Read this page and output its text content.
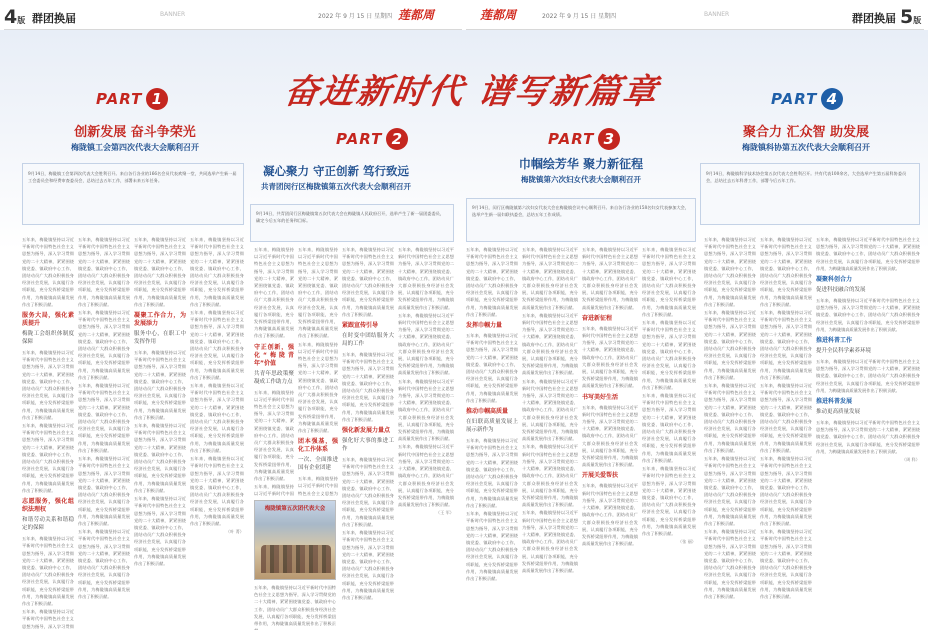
4版 群团换届	BANNER	2022 年 9 月 15 日 星期四 莲都周	莲都周	2022 年 9 月 15 日 星期四	BANNER	群团换届 5版
奋进新时代 谱写新篇章
PART 1
PART 2	PART 3
PART 4
创新发展 奋斗争荣光
梅陇镇工会第四次代表大会顺利召开
凝心聚力 守正创新 笃行致远
共青团闵行区梅陇镇第五次代表大会顺利召开
巾帼绘芳华 聚力新征程
梅陇镇第六次妇女代表大会顺利召开
聚合力 汇众智 助发展
梅陇镇科协第五次代表大会顺利召开
9月14日，梅陇镇工会第四次代表大会胜利召开。来自各行各业的166名会员代表欢聚一堂，共同选举产生新一届工会委员会和经费审查委员会，总结过去五年工作，部署未来五年任务。
9月14日，共青团闵行区梅陇镇第五次代表大会在梅陇镇人民政府召开，选举产生了新一届团委委员，确定今后五年的任务和目标。
9月14日，闵行区梅陇镇第六次妇女代表大会在梅陇镇会议中心顺利召开。来自各行各业的158名妇女代表参加大会，选举产生新一届妇联执委会，总结五年工作成绩。
9月14日，梅陇镇科学技术协会第五次代表大会胜利召开。共有代表100余名，大会选举产生第五届科协委员会，总结过去五年科普工作，部署今后五年工作。
五年来，梅陇镇坚持以习近平新时代中国特色社会主义思想为指导，深入学习贯彻党的二十大精神，紧紧围绕镇党委、镇政府中心工作，团结动员广大群众积极投身经济社会发展，认真履行各项职能，充分发挥桥梁纽带作用，为梅陇镇高质量发展作出了积极贡献。
服务大局，强化素质提升
梅陇工会组织体制度保障
五年来，梅陇镇坚持以习近平新时代中国特色社会主义思想为指导，深入学习贯彻党的二十大精神，紧紧围绕镇党委、镇政府中心工作，团结动员广大群众积极投身经济社会发展，认真履行各项职能，充分发挥桥梁纽带作用，为梅陇镇高质量发展作出了积极贡献。
五年来，梅陇镇坚持以习近平新时代中国特色社会主义思想为指导，深入学习贯彻党的二十大精神，紧紧围绕镇党委、镇政府中心工作，团结动员广大群众积极投身经济社会发展，认真履行各项职能，充分发挥桥梁纽带作用，为梅陇镇高质量发展作出了积极贡献。
志愿服务，强化组织法理权
和谐劳动关系和谐稳定的保障
五年来，梅陇镇坚持以习近平新时代中国特色社会主义思想为指导，深入学习贯彻党的二十大精神，紧紧围绕镇党委、镇政府中心工作，团结动员广大群众积极投身经济社会发展，认真履行各项职能，充分发挥桥梁纽带作用，为梅陇镇高质量发展作出了积极贡献。
五年来，梅陇镇坚持以习近平新时代中国特色社会主义思想为指导，深入学习贯彻
五年来，梅陇镇坚持以习近平新时代中国特色社会主义思想为指导，深入学习贯彻党的二十大精神，紧紧围绕镇党委、镇政府中心工作，团结动员广大群众积极投身经济社会发展，认真履行各项职能，充分发挥桥梁纽带作用，为梅陇镇高质量发展作出了积极贡献。
五年来，梅陇镇坚持以习近平新时代中国特色社会主义思想为指导，深入学习贯彻党的二十大精神，紧紧围绕镇党委、镇政府中心工作，团结动员广大群众积极投身经济社会发展，认真履行各项职能，充分发挥桥梁纽带作用，为梅陇镇高质量发展作出了积极贡献。
五年来，梅陇镇坚持以习近平新时代中国特色社会主义思想为指导，深入学习贯彻党的二十大精神，紧紧围绕镇党委、镇政府中心工作，团结动员广大群众积极投身经济社会发展，认真履行各项职能，充分发挥桥梁纽带作用，为梅陇镇高质量发展作出了积极贡献。
五年来，梅陇镇坚持以习近平新时代中国特色社会主义思想为指导，深入学习贯彻党的二十大精神，紧紧围绕镇党委、镇政府中心工作，团结动员广大群众积极投身经济社会发展，认真履行各项职能，充分发挥桥梁纽带作用，为梅陇镇高质量发展作出了积极贡献。
五年来，梅陇镇坚持以习近平新时代中国特色社会主义思想为指导，深入学习贯彻党的二十大精神，紧紧围绕镇党委、镇政府中心工作，团结动员广大群众积极投身经济社会发展，认真履行各项职能，充分发挥桥梁纽带作用，为梅陇镇高质量发展作出了积极贡献。
五年来，梅陇镇坚持以习近平新时代中国特色社会主义思想为指导，深入学习贯彻党的二十大精神，紧紧围绕镇党委、镇政府中心工作，团结动员广大群众积极投身经济社会发展，认真履行各项职能，充分发挥桥梁纽带作用，为梅陇镇高质量发展作出了积极贡献。
凝聚工作合力，为发展添力
服务中心，在职工中发挥作用
五年来，梅陇镇坚持以习近平新时代中国特色社会主义思想为指导，深入学习贯彻党的二十大精神，紧紧围绕镇党委、镇政府中心工作，团结动员广大群众积极投身经济社会发展，认真履行各项职能，充分发挥桥梁纽带作用，为梅陇镇高质量发展作出了积极贡献。
五年来，梅陇镇坚持以习近平新时代中国特色社会主义思想为指导，深入学习贯彻党的二十大精神，紧紧围绕镇党委、镇政府中心工作，团结动员广大群众积极投身经济社会发展，认真履行各项职能，充分发挥桥梁纽带作用，为梅陇镇高质量发展作出了积极贡献。
五年来，梅陇镇坚持以习近平新时代中国特色社会主义思想为指导，深入学习贯彻党的二十大精神，紧紧围绕镇党委、镇政府中心工作，团结动员广大群众积极投身经济社会发展，认真履行各项职能，充分发挥桥梁纽带作用，为梅陇镇高质量发展作出了积极贡献。
五年来，梅陇镇坚持以习近平新时代中国特色社会主义思想为指导，深入学习贯彻党的二十大精神，紧紧围绕镇党委、镇政府中心工作，团结动员广大群众积极投身经济社会发展，认真履行各项职能，充分发挥桥梁纽带作用，为梅陇镇高质量发展作出了积极贡献。
五年来，梅陇镇坚持以习近平新时代中国特色社会主义思想为指导，深入学习贯彻党的二十大精神，紧紧围绕镇党委、镇政府中心工作，团结动员广大群众积极投身经济社会发展，认真履行各项职能，充分发挥桥梁纽带作用，为梅陇镇高质量发展作出了积极贡献。
五年来，梅陇镇坚持以习近平新时代中国特色社会主义思想为指导，深入学习贯彻党的二十大精神，紧紧围绕镇党委、镇政府中心工作，团结动员广大群众积极投身经济社会发展，认真履行各项职能，充分发挥桥梁纽带作用，为梅陇镇高质量发展作出了积极贡献。
五年来，梅陇镇坚持以习近平新时代中国特色社会主义思想为指导，深入学习贯彻党的二十大精神，紧紧围绕镇党委、镇政府中心工作，团结动员广大群众积极投身经济社会发展，认真履行各项职能，充分发挥桥梁纽带作用，为梅陇镇高质量发展作出了积极贡献。
（叶 菁）
五年来，梅陇镇坚持以习近平新时代中国特色社会主义思想为指导，深入学习贯彻党的二十大精神，紧紧围绕镇党委、镇政府中心工作，团结动员广大群众积极投身经济社会发展，认真履行各项职能，充分发挥桥梁纽带作用，为梅陇镇高质量发展作出了积极贡献。
守正创新，强化“梅陇青年”价值
共青年思政策聚凝成工作助力点
五年来，梅陇镇坚持以习近平新时代中国特色社会主义思想为指导，深入学习贯彻党的二十大精神，紧紧围绕镇党委、镇政府中心工作，团结动员广大群众积极投身经济社会发展，认真履行各项职能，充分发挥桥梁纽带作用，为梅陇镇高质量发展作出了积极贡献。
五年来，梅陇镇坚持以习近平新时代中国
五年来，梅陇镇坚持以习近平新时代中国特色社会主义思想为指导，深入学习贯彻党的二十大精神，紧紧围绕镇党委、镇政府中心工作，团结动员广大群众积极投身经济社会发展，认真履行各项职能，充分发挥桥梁纽带作用，为梅陇镇高质量发展作出了积极贡献。
五年来，梅陇镇坚持以习近平新时代中国特色社会主义思想为指导，深入学习贯彻党的二十大精神，紧紧围绕镇党委、镇政府中心工作，团结动员广大群众积极投身经济社会发展，认真履行各项职能，充分发挥桥梁纽带作用，为梅陇镇高质量发展作出了积极贡献。
团本强基，强化工作体系
一次、全面推进国有企业团建
五年来，梅陇镇坚持以习近平新时代中国特色社会主义思想为
五年来，梅陇镇坚持以习近平新时代中国特色社会主义思想为指导，深入学习贯彻党的二十大精神，紧紧围绕镇党委、镇政府中心工作，团结动员广大群众积极投身经济社会发展，认真履行各项职能，充分发挥桥梁纽带作用，为梅陇镇高质量发展作出了积极贡献。
紧跟宣传引导
在时变中团结服务大局的工作
五年来，梅陇镇坚持以习近平新时代中国特色社会主义思想为指导，深入学习贯彻党的二十大精神，紧紧围绕镇党委、镇政府中心工作，团结动员广大群众积极投身经济社会发展，认真履行各项职能，充分发挥桥梁纽带作用，为梅陇镇高质量发展作出了积极贡献。
强化新发展力量点
强化好大事的推进工作
五年来，梅陇镇坚持以习近平新时代中国特色社会主义思想为指导，深入学习贯彻党的二十大精神，紧紧围绕镇党委、镇政府中心工作，团结动员广大群众积极投身经济社会发展，认真履行各项职能，充分发挥桥梁纽带作用，为梅陇镇高质量发展作出了积极贡献。
五年来，梅陇镇坚持以习近平新时代中国特色社会主义思想为指导，深入学习贯彻党的二十大精神，紧紧围绕镇党委、镇政府中心工作，团结动员广大群众积极投身经济社会发展，认真履行各项职能，充分发挥桥梁纽带作用，为梅陇镇高质量发展作出了积极贡献。
五年来，梅陇镇坚持以习近平新时代中国特色社会主义思想为指导，深入学习贯彻党的二十大精神，紧紧围绕镇党委、镇政府中心工作，团结动员广大群众积极投身经济社会发展，认真履行各项职能，充分发挥桥梁纽带作用，为梅陇镇高质量发展作出了积极贡献。
五年来，梅陇镇坚持以习近平新时代中国特色社会主义思想为指导，深入学习贯彻党的二十大精神，紧紧围绕镇党委、镇政府中心工作，团结动员广大群众积极投身经济社会发展，认真履行各项职能，充分发挥桥梁纽带作用，为梅陇镇高质量发展作出了积极贡献。
五年来，梅陇镇坚持以习近平新时代中国特色社会主义思想为指导，深入学习贯彻党的二十大精神，紧紧围绕镇党委、镇政府中心工作，团结动员广大群众积极投身经济社会发展，认真履行各项职能，充分发挥桥梁纽带作用，为梅陇镇高质量发展作出了积极贡献。
五年来，梅陇镇坚持以习近平新时代中国特色社会主义思想为指导，深入学习贯彻党的二十大精神，紧紧围绕镇党委、镇政府中心工作，团结动员广大群众积极投身经济社会发展，认真履行各项职能，充分发挥桥梁纽带作用，为梅陇镇高质量发展作出了积极贡献。
（王 军）
梅陇镇第五次团代表大会
五年来，梅陇镇坚持以习近平新时代中国特色社会主义思想为指导，深入学习贯彻党的二十大精神，紧紧围绕镇党委、镇政府中心工作，团结动员广大群众积极投身经济社会发展，认真履行各项职能，充分发挥桥梁纽带作用，为梅陇镇高质量发展作出了积极贡
五年来，梅陇镇坚持以习近平新时代中国特色社会主义思想为指导，深入学习贯彻党的二十大精神，紧紧围绕镇党委、镇政府中心工作，团结动员广大群众积极投身经济社会发展，认真履行各项职能，充分发挥桥梁纽带作用，为梅陇镇高质量发展作出了积极贡献。
发挥巾帼力量
五年来，梅陇镇坚持以习近平新时代中国特色社会主义思想为指导，深入学习贯彻党的二十大精神，紧紧围绕镇党委、镇政府中心工作，团结动员广大群众积极投身经济社会发展，认真履行各项职能，充分发挥桥梁纽带作用，为梅陇镇高质量发展作出了积极贡献。
推动巾帼高质量
在妇联高质量发展上展示新作为
五年来，梅陇镇坚持以习近平新时代中国特色社会主义思想为指导，深入学习贯彻党的二十大精神，紧紧围绕镇党委、镇政府中心工作，团结动员广大群众积极投身经济社会发展，认真履行各项职能，充分发挥桥梁纽带作用，为梅陇镇高质量发展作出了积极贡献。
五年来，梅陇镇坚持以习近平新时代中国特色社会主义思想为指导，深入学习贯彻党的二十大精神，紧紧围绕镇党委、镇政府中心工作，团结动员广大群众积极投身经济社会发展，认真履行各项职能，充分发挥桥梁纽带作用，为梅陇镇高质量发展作出了积极贡献。
五年来，梅陇镇坚持以习近平新时代中国特色社会主义思想为指导，深入学习贯彻党的二十大精神，紧紧围绕镇党委、镇政府中心工作，团结动员广大群众积极投身经济社会发展，认真履行各项职能，充分发挥桥梁纽带作用，为梅陇镇高质量发展作出了积极贡献。
五年来，梅陇镇坚持以习近平新时代中国特色社会主义思想为指导，深入学习贯彻党的二十大精神，紧紧围绕镇党委、镇政府中心工作，团结动员广大群众积极投身经济社会发展，认真履行各项职能，充分发挥桥梁纽带作用，为梅陇镇高质量发展作出了积极贡献。
五年来，梅陇镇坚持以习近平新时代中国特色社会主义思想为指导，深入学习贯彻党的二十大精神，紧紧围绕镇党委、镇政府中心工作，团结动员广大群众积极投身经济社会发展，认真履行各项职能，充分发挥桥梁纽带作用，为梅陇镇高质量发展作出了积极贡献。
五年来，梅陇镇坚持以习近平新时代中国特色社会主义思想为指导，深入学习贯彻党的二十大精神，紧紧围绕镇党委、镇政府中心工作，团结动员广大群众积极投身经济社会发展，认真履行各项职能，充分发挥桥梁纽带作用，为梅陇镇高质量发展作出了积极贡献。
五年来，梅陇镇坚持以习近平新时代中国特色社会主义思想为指导，深入学习贯彻党的二十大精神，紧紧围绕镇党委、镇政府中心工作，团结动员广大群众积极投身经济社会发展，认真履行各项职能，充分发挥桥梁纽带作用，为梅陇镇高质量发展作出了积极贡献。
五年来，梅陇镇坚持以习近平新时代中国特色社会主义思想为指导，深入学习贯彻党的二十大精神，紧紧围绕镇党委、镇政府中心工作，团结动员广大群众积极投身经济社会发展，认真履行各项职能，充分发挥桥梁纽带作用，为梅陇镇高质量发展作出了积极贡献。
奋进新征程
五年来，梅陇镇坚持以习近平新时代中国特色社会主义思想为指导，深入学习贯彻党的二十大精神，紧紧围绕镇党委、镇政府中心工作，团结动员广大群众积极投身经济社会发展，认真履行各项职能，充分发挥桥梁纽带作用，为梅陇镇高质量发展作出了积极贡献。
书写美好生活
五年来，梅陇镇坚持以习近平新时代中国特色社会主义思想为指导，深入学习贯彻党的二十大精神，紧紧围绕镇党委、镇政府中心工作，团结动员广大群众积极投身经济社会发展，认真履行各项职能，充分发挥桥梁纽带作用，为梅陇镇高质量发展作出了积极贡献。
开展关爱帮扶
五年来，梅陇镇坚持以习近平新时代中国特色社会主义思想为指导，深入学习贯彻党的二十大精神，紧紧围绕镇党委、镇政府中心工作，团结动员广大群众积极投身经济社会发展，认真履行各项职能，充分发挥桥梁纽带作用，为梅陇镇高质量发展作出了积极贡献。
五年来，梅陇镇坚持以习近平新时代中国特色社会主义思想为指导，深入学习贯彻党的二十大精神，紧紧围绕镇党委、镇政府中心工作，团结动员广大群众积极投身经济社会发展，认真履行各项职能，充分发挥桥梁纽带作用，为梅陇镇高质量发展作出了积极贡献。
五年来，梅陇镇坚持以习近平新时代中国特色社会主义思想为指导，深入学习贯彻党的二十大精神，紧紧围绕镇党委、镇政府中心工作，团结动员广大群众积极投身经济社会发展，认真履行各项职能，充分发挥桥梁纽带作用，为梅陇镇高质量发展作出了积极贡献。
五年来，梅陇镇坚持以习近平新时代中国特色社会主义思想为指导，深入学习贯彻党的二十大精神，紧紧围绕镇党委、镇政府中心工作，团结动员广大群众积极投身经济社会发展，认真履行各项职能，充分发挥桥梁纽带作用，为梅陇镇高质量发展作出了积极贡献。
五年来，梅陇镇坚持以习近平新时代中国特色社会主义思想为指导，深入学习贯彻党的二十大精神，紧紧围绕镇党委、镇政府中心工作，团结动员广大群众积极投身经济社会发展，认真履行各项职能，充分发挥桥梁纽带作用，为梅陇镇高质量发展作出了积极贡献。
（张 丽）
五年来，梅陇镇坚持以习近平新时代中国特色社会主义思想为指导，深入学习贯彻党的二十大精神，紧紧围绕镇党委、镇政府中心工作，团结动员广大群众积极投身经济社会发展，认真履行各项职能，充分发挥桥梁纽带作用，为梅陇镇高质量发展作出了积极贡献。
五年来，梅陇镇坚持以习近平新时代中国特色社会主义思想为指导，深入学习贯彻党的二十大精神，紧紧围绕镇党委、镇政府中心工作，团结动员广大群众积极投身经济社会发展，认真履行各项职能，充分发挥桥梁纽带作用，为梅陇镇高质量发展作出了积极贡献。
五年来，梅陇镇坚持以习近平新时代中国特色社会主义思想为指导，深入学习贯彻党的二十大精神，紧紧围绕镇党委、镇政府中心工作，团结动员广大群众积极投身经济社会发展，认真履行各项职能，充分发挥桥梁纽带作用，为梅陇镇高质量发展作出了积极贡献。
五年来，梅陇镇坚持以习近平新时代中国特色社会主义思想为指导，深入学习贯彻党的二十大精神，紧紧围绕镇党委、镇政府中心工作，团结动员广大群众积极投身经济社会发展，认真履行各项职能，充分发挥桥梁纽带作用，为梅陇镇高质量发展作出了积极贡献。
五年来，梅陇镇坚持以习近平新时代中国特色社会主义思想为指导，深入学习贯彻党的二十大精神，紧紧围绕镇党委、镇政府中心工作，团结动员广大群众积极投身经济社会发展，认真履行各项职能，充分发挥桥梁纽带作用，为梅陇镇高质量发展作出了积极贡献。
五年来，梅陇镇坚持以习近平新时代中国特色社会主义思想为指导，深入学习贯彻党的二十大精神，紧紧围绕镇党委、镇政府中心工作，团结动员广大群众积极投身经济社会发展，认真履行各项职能，充分发挥桥梁纽带作用，为梅陇镇高质量发展作出了积极贡献。
五年来，梅陇镇坚持以习近平新时代中国特色社会主义思想为指导，深入学习贯彻党的二十大精神，紧紧围绕镇党委、镇政府中心工作，团结动员广大群众积极投身经济社会发展，认真履行各项职能，充分发挥桥梁纽带作用，为梅陇镇高质量发展作出了积极贡献。
五年来，梅陇镇坚持以习近平新时代中国特色社会主义思想为指导，深入学习贯彻党的二十大精神，紧紧围绕镇党委、镇政府中心工作，团结动员广大群众积极投身经济社会发展，认真履行各项职能，充分发挥桥梁纽带作用，为梅陇镇高质量发展作出了积极贡献。
五年来，梅陇镇坚持以习近平新时代中国特色社会主义思想为指导，深入学习贯彻党的二十大精神，紧紧围绕镇党委、镇政府中心工作，团结动员广大群众积极投身经济社会发展，认真履行各项职能，充分发挥桥梁纽带作用，为梅陇镇高质量发展作出了积极贡献。
五年来，梅陇镇坚持以习近平新时代中国特色社会主义思想为指导，深入学习贯彻党的二十大精神，紧紧围绕镇党委、镇政府中心工作，团结动员广大群众积极投身经济社会发展，认真履行各项职能，充分发挥桥梁纽带作用，为梅陇镇高质量发展作出了积极贡献。
五年来，梅陇镇坚持以习近平新时代中国特色社会主义思想为指导，深入学习贯彻党的二十大精神，紧紧围绕镇党委、镇政府中心工作，团结动员广大群众积极投身经济社会发展，认真履行各项职能，充分发挥桥梁纽带作用，为梅陇镇高质量发展作出了积极贡献。
凝聚科创合力
促进科技融合的发展
五年来，梅陇镇坚持以习近平新时代中国特色社会主义思想为指导，深入学习贯彻党的二十大精神，紧紧围绕镇党委、镇政府中心工作，团结动员广大群众积极投身经济社会发展，认真履行各项职能，充分发挥桥梁纽带作用，为梅陇镇高质量发展作出了积极贡献。
推进科普工作
提升全民科学素养环境
五年来，梅陇镇坚持以习近平新时代中国特色社会主义思想为指导，深入学习贯彻党的二十大精神，紧紧围绕镇党委、镇政府中心工作，团结动员广大群众积极投身经济社会发展，认真履行各项职能，充分发挥桥梁纽带作用，为梅陇镇高质量发展作出了积极贡献。
推进科普发展
推动更高质量发展
五年来，梅陇镇坚持以习近平新时代中国特色社会主义思想为指导，深入学习贯彻党的二十大精神，紧紧围绕镇党委、镇政府中心工作，团结动员广大群众积极投身经济社会发展，认真履行各项职能，充分发挥桥梁纽带作用，为梅陇镇高质量发展作出了积极贡献。
（周 科）
